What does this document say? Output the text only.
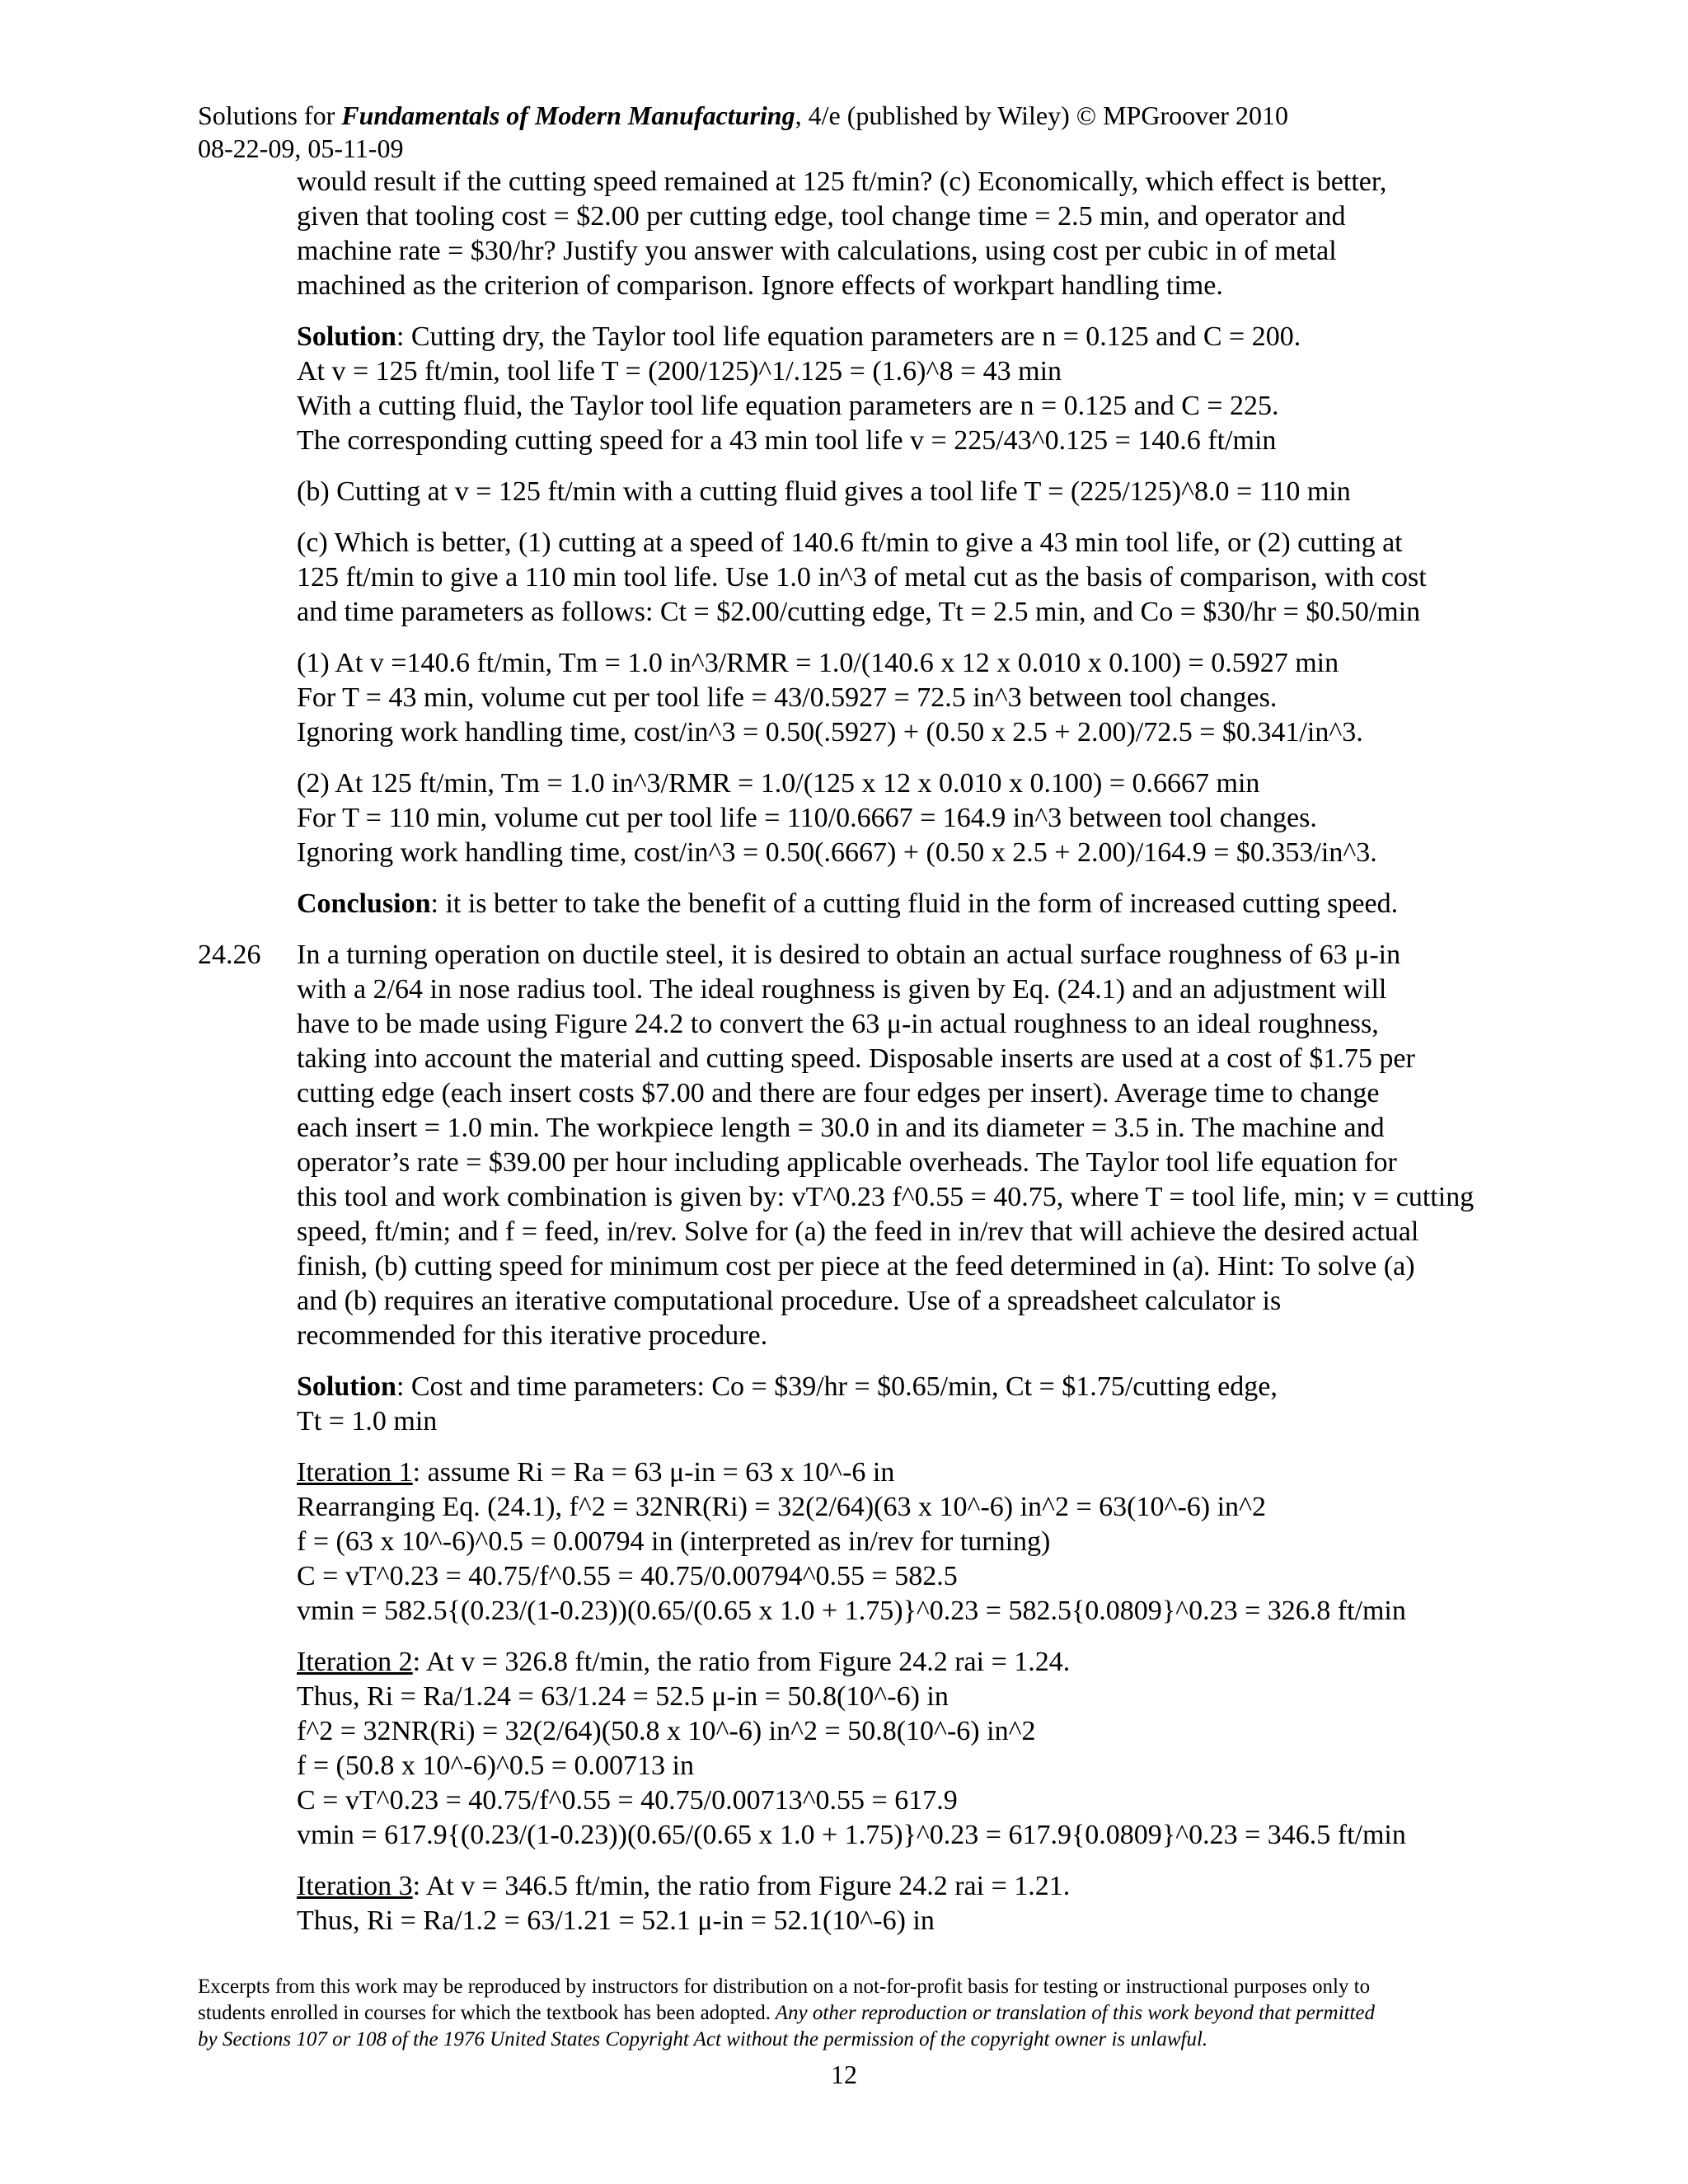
Solutions for Fundamentals of Modern Manufacturing, 4/e (published by Wiley) © MPGroover 2010
08-22-09, 05-11-09
would result if the cutting speed remained at 125 ft/min? (c) Economically, which effect is better,
given that tooling cost = $2.00 per cutting edge, tool change time = 2.5 min, and operator and
machine rate = $30/hr? Justify you answer with calculations, using cost per cubic in of metal
machined as the criterion of comparison. Ignore effects of workpart handling time.
Solution: Cutting dry, the Taylor tool life equation parameters are n = 0.125 and C = 200.
At v = 125 ft/min, tool life T = (200/125)^1/.125 = (1.6)^8 = 43 min
With a cutting fluid, the Taylor tool life equation parameters are n = 0.125 and C = 225.
The corresponding cutting speed for a 43 min tool life v = 225/43^0.125 = 140.6 ft/min
(b) Cutting at v = 125 ft/min with a cutting fluid gives a tool life T = (225/125)^8.0 = 110 min
(c) Which is better, (1) cutting at a speed of 140.6 ft/min to give a 43 min tool life, or (2) cutting at
125 ft/min to give a 110 min tool life. Use 1.0 in^3 of metal cut as the basis of comparison, with cost
and time parameters as follows: Ct = $2.00/cutting edge, Tt = 2.5 min, and Co = $30/hr = $0.50/min
(1) At v =140.6 ft/min, Tm = 1.0 in^3/RMR = 1.0/(140.6 x 12 x 0.010 x 0.100) = 0.5927 min
For T = 43 min, volume cut per tool life = 43/0.5927 = 72.5 in^3 between tool changes.
Ignoring work handling time, cost/in^3 = 0.50(.5927) + (0.50 x 2.5 + 2.00)/72.5 = $0.341/in^3.
(2) At 125 ft/min, Tm = 1.0 in^3/RMR = 1.0/(125 x 12 x 0.010 x 0.100) = 0.6667 min
For T = 110 min, volume cut per tool life = 110/0.6667 = 164.9 in^3 between tool changes.
Ignoring work handling time, cost/in^3 = 0.50(.6667) + (0.50 x 2.5 + 2.00)/164.9 = $0.353/in^3.
Conclusion: it is better to take the benefit of a cutting fluid in the form of increased cutting speed.
24.26 In a turning operation on ductile steel, it is desired to obtain an actual surface roughness of 63 μ-in
with a 2/64 in nose radius tool. The ideal roughness is given by Eq. (24.1) and an adjustment will
have to be made using Figure 24.2 to convert the 63 μ-in actual roughness to an ideal roughness,
taking into account the material and cutting speed. Disposable inserts are used at a cost of $1.75 per
cutting edge (each insert costs $7.00 and there are four edges per insert). Average time to change
each insert = 1.0 min. The workpiece length = 30.0 in and its diameter = 3.5 in. The machine and
operator’s rate = $39.00 per hour including applicable overheads. The Taylor tool life equation for
this tool and work combination is given by: vT^0.23 f^0.55 = 40.75, where T = tool life, min; v = cutting
speed, ft/min; and f = feed, in/rev. Solve for (a) the feed in in/rev that will achieve the desired actual
finish, (b) cutting speed for minimum cost per piece at the feed determined in (a). Hint: To solve (a)
and (b) requires an iterative computational procedure. Use of a spreadsheet calculator is
recommended for this iterative procedure.
Solution: Cost and time parameters: Co = $39/hr = $0.65/min, Ct = $1.75/cutting edge,
Tt = 1.0 min
Iteration 1: assume Ri = Ra = 63 μ-in = 63 x 10^-6 in
Rearranging Eq. (24.1), f^2 = 32NR(Ri) = 32(2/64)(63 x 10^-6) in^2 = 63(10^-6) in^2
f = (63 x 10^-6)^0.5 = 0.00794 in (interpreted as in/rev for turning)
C = vT^0.23 = 40.75/f^0.55 = 40.75/0.00794^0.55 = 582.5
vmin = 582.5{(0.23/(1-0.23))(0.65/(0.65 x 1.0 + 1.75)}^0.23 = 582.5{0.0809}^0.23 = 326.8 ft/min
Iteration 2: At v = 326.8 ft/min, the ratio from Figure 24.2 rai = 1.24.
Thus, Ri = Ra/1.24 = 63/1.24 = 52.5 μ-in = 50.8(10^-6) in
f^2 = 32NR(Ri) = 32(2/64)(50.8 x 10^-6) in^2 = 50.8(10^-6) in^2
f = (50.8 x 10^-6)^0.5 = 0.00713 in
C = vT^0.23 = 40.75/f^0.55 = 40.75/0.00713^0.55 = 617.9
vmin = 617.9{(0.23/(1-0.23))(0.65/(0.65 x 1.0 + 1.75)}^0.23 = 617.9{0.0809}^0.23 = 346.5 ft/min
Iteration 3: At v = 346.5 ft/min, the ratio from Figure 24.2 rai = 1.21.
Thus, Ri = Ra/1.2 = 63/1.21 = 52.1 μ-in = 52.1(10^-6) in
Excerpts from this work may be reproduced by instructors for distribution on a not-for-profit basis for testing or instructional purposes only to
students enrolled in courses for which the textbook has been adopted. Any other reproduction or translation of this work beyond that permitted
by Sections 107 or 108 of the 1976 United States Copyright Act without the permission of the copyright owner is unlawful.
12
